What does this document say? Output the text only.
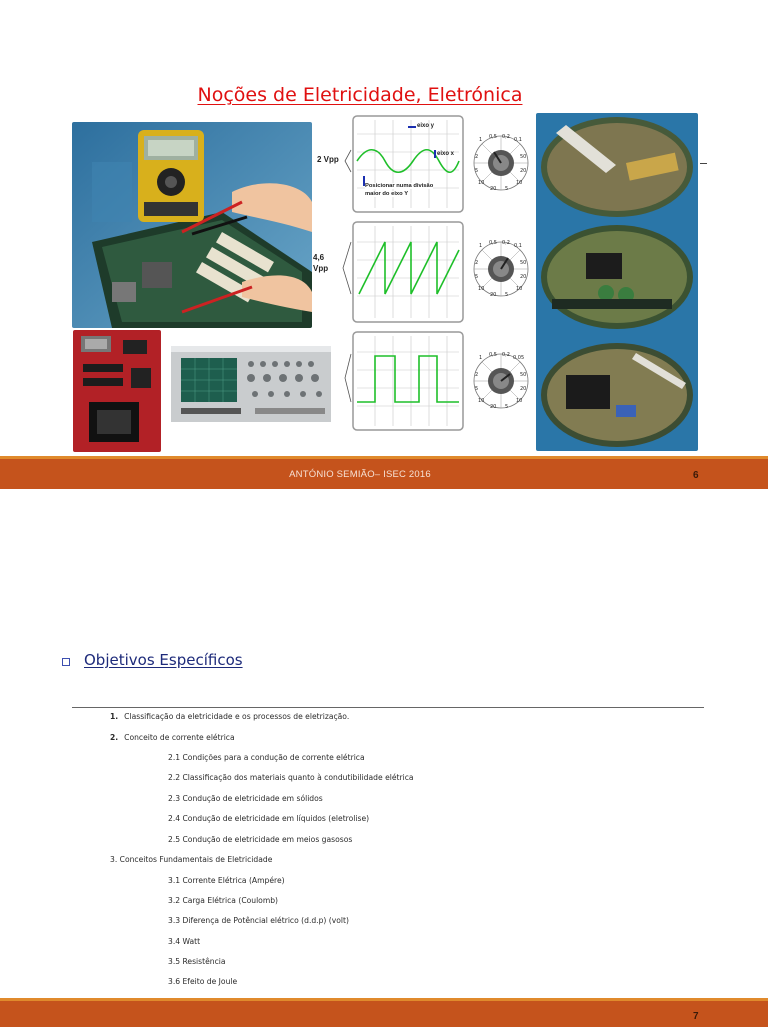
Noções de Eletricidade, Eletrónica
2 Vpp
eixo y
eixo x
Posicionar numa divisão
maior do eixo Y
4,6
Vpp
1 0,5 0,2 0,1
2
5
10
20 5
10
20
50
1 0,5 0,2 0,1
2
5
10
20 5
10
20
50
1 0,5 0,2 0,05
2
5
10
20 5
10
20
50
ANTÓNIO SEMIÃO– ISEC 2016	6
Objetivos Específicos
1. Classificação da eletricidade e os processos de eletrização.
2. Conceito de corrente elétrica
2.1 Condições para a condução de corrente elétrica
2.2 Classificação dos materiais quanto à condutibilidade elétrica
2.3 Condução de eletricidade em sólidos
2.4 Condução de eletricidade em líquidos (eletrolise)
2.5 Condução de eletricidade em meios gasosos
3. Conceitos Fundamentais de Eletricidade
3.1 Corrente Elétrica (Ampére)
3.2 Carga Elétrica (Coulomb)
3.3 Diferença de Potêncial elétrico (d.d.p) (volt)
3.4 Watt
3.5 Resistência
3.6 Efeito de Joule
7
